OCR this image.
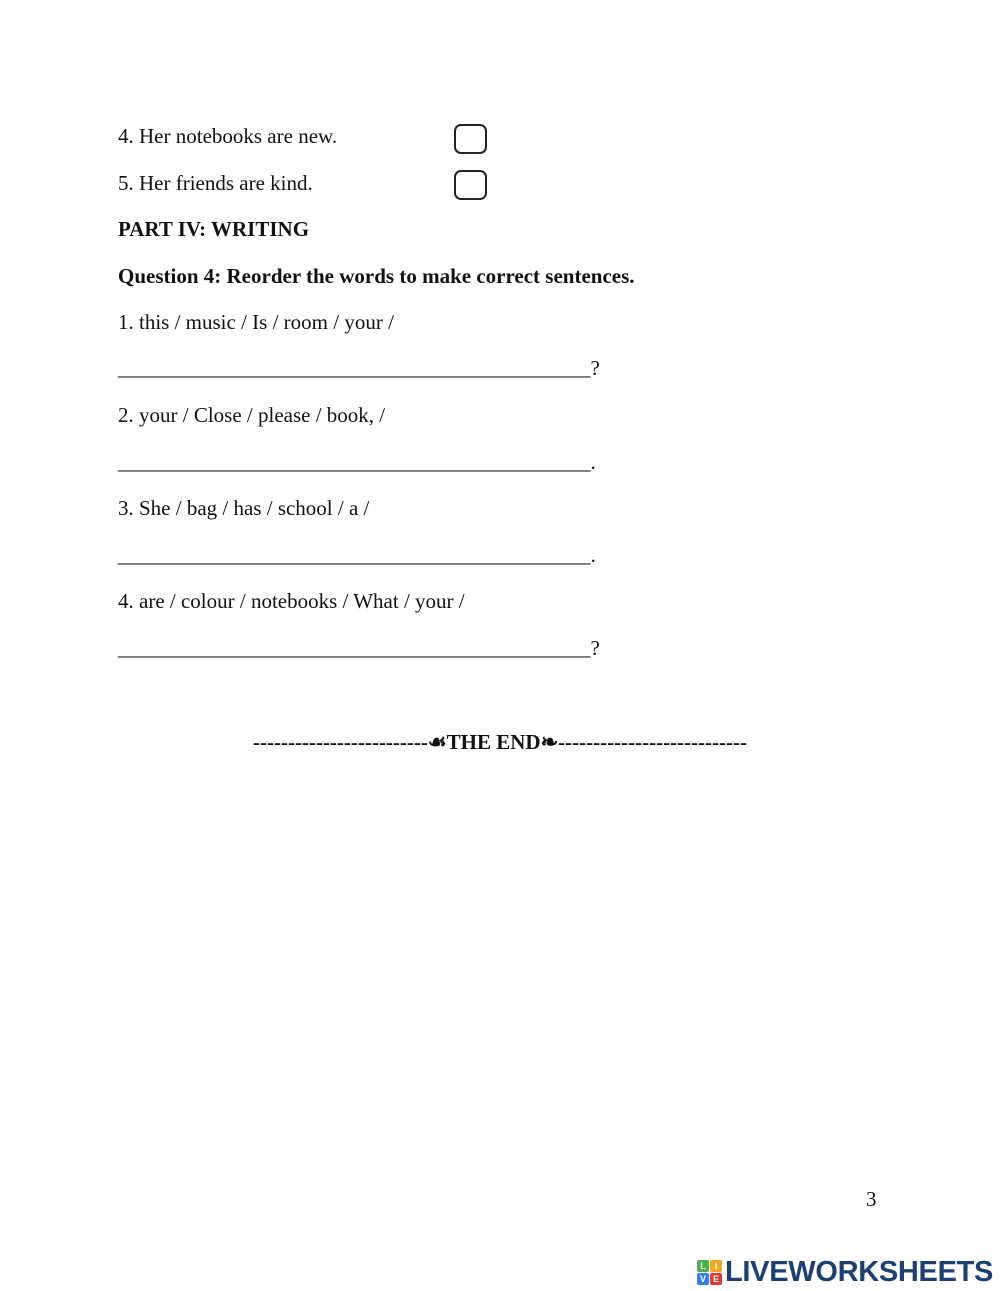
4. Her notebooks are new.
5. Her friends are kind.
PART IV: WRITING
Question 4: Reorder the words to make correct sentences.
1. this / music / Is / room / your /
_____________________________________________?
2. your / Close / please / book, /
_____________________________________________.
3. She / bag / has / school / a /
_____________________________________________.
4. are / colour / notebooks / What / your /
_____________________________________________?
-------------------------☙THE END❧---------------------------
3
L I
V E LIVEWORKSHEETS
